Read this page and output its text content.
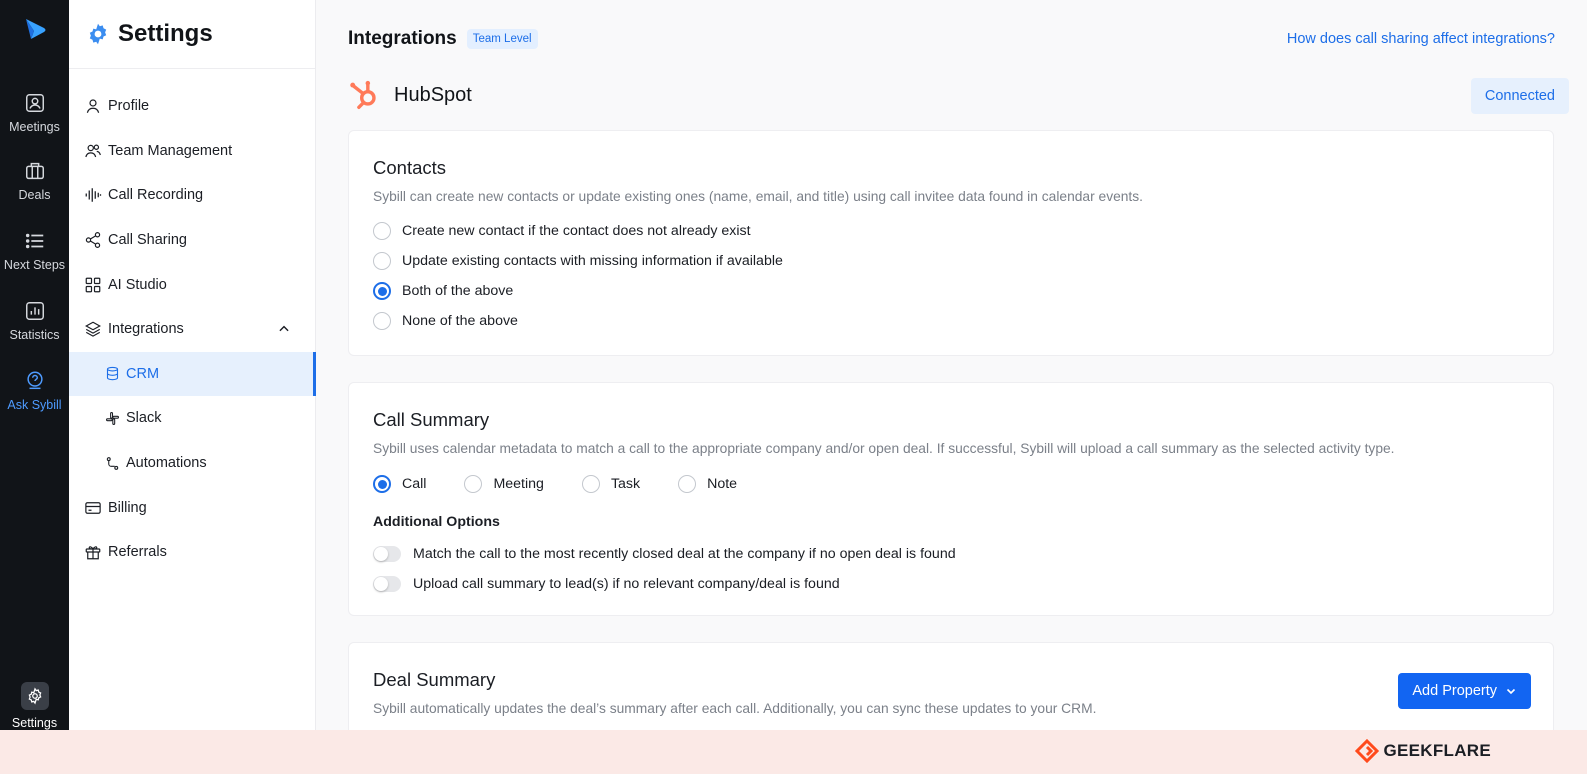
Meetings
Deals
Next Steps
Statistics
Ask Sybill
Settings
Settings
Profile
Team Management
Call Recording
Call Sharing
AI Studio
Integrations
CRM
Slack
Automations
Billing
Referrals
Integrations	Team Level	How does call sharing affect integrations?
HubSpot	Connected
Contacts

Sybill can create new contacts or update existing ones (name, email, and title) using call invitee data found in calendar events.

Create new contact if the contact does not already exist
Update existing contacts with missing information if available
Both of the above
None of the above
Call Summary

Sybill uses calendar metadata to match a call to the appropriate company and/or open deal. If successful, Sybill will upload a call summary as the selected activity type.

Call	Meeting	Task	Note
Additional Options
Match the call to the most recently closed deal at the company if no open deal is found
Upload call summary to lead(s) if no relevant company/deal is found
Deal Summary

Sybill automatically updates the deal’s summary after each call. Additionally, you can sync these updates to your CRM.

Add Property
GEEKFLARE
